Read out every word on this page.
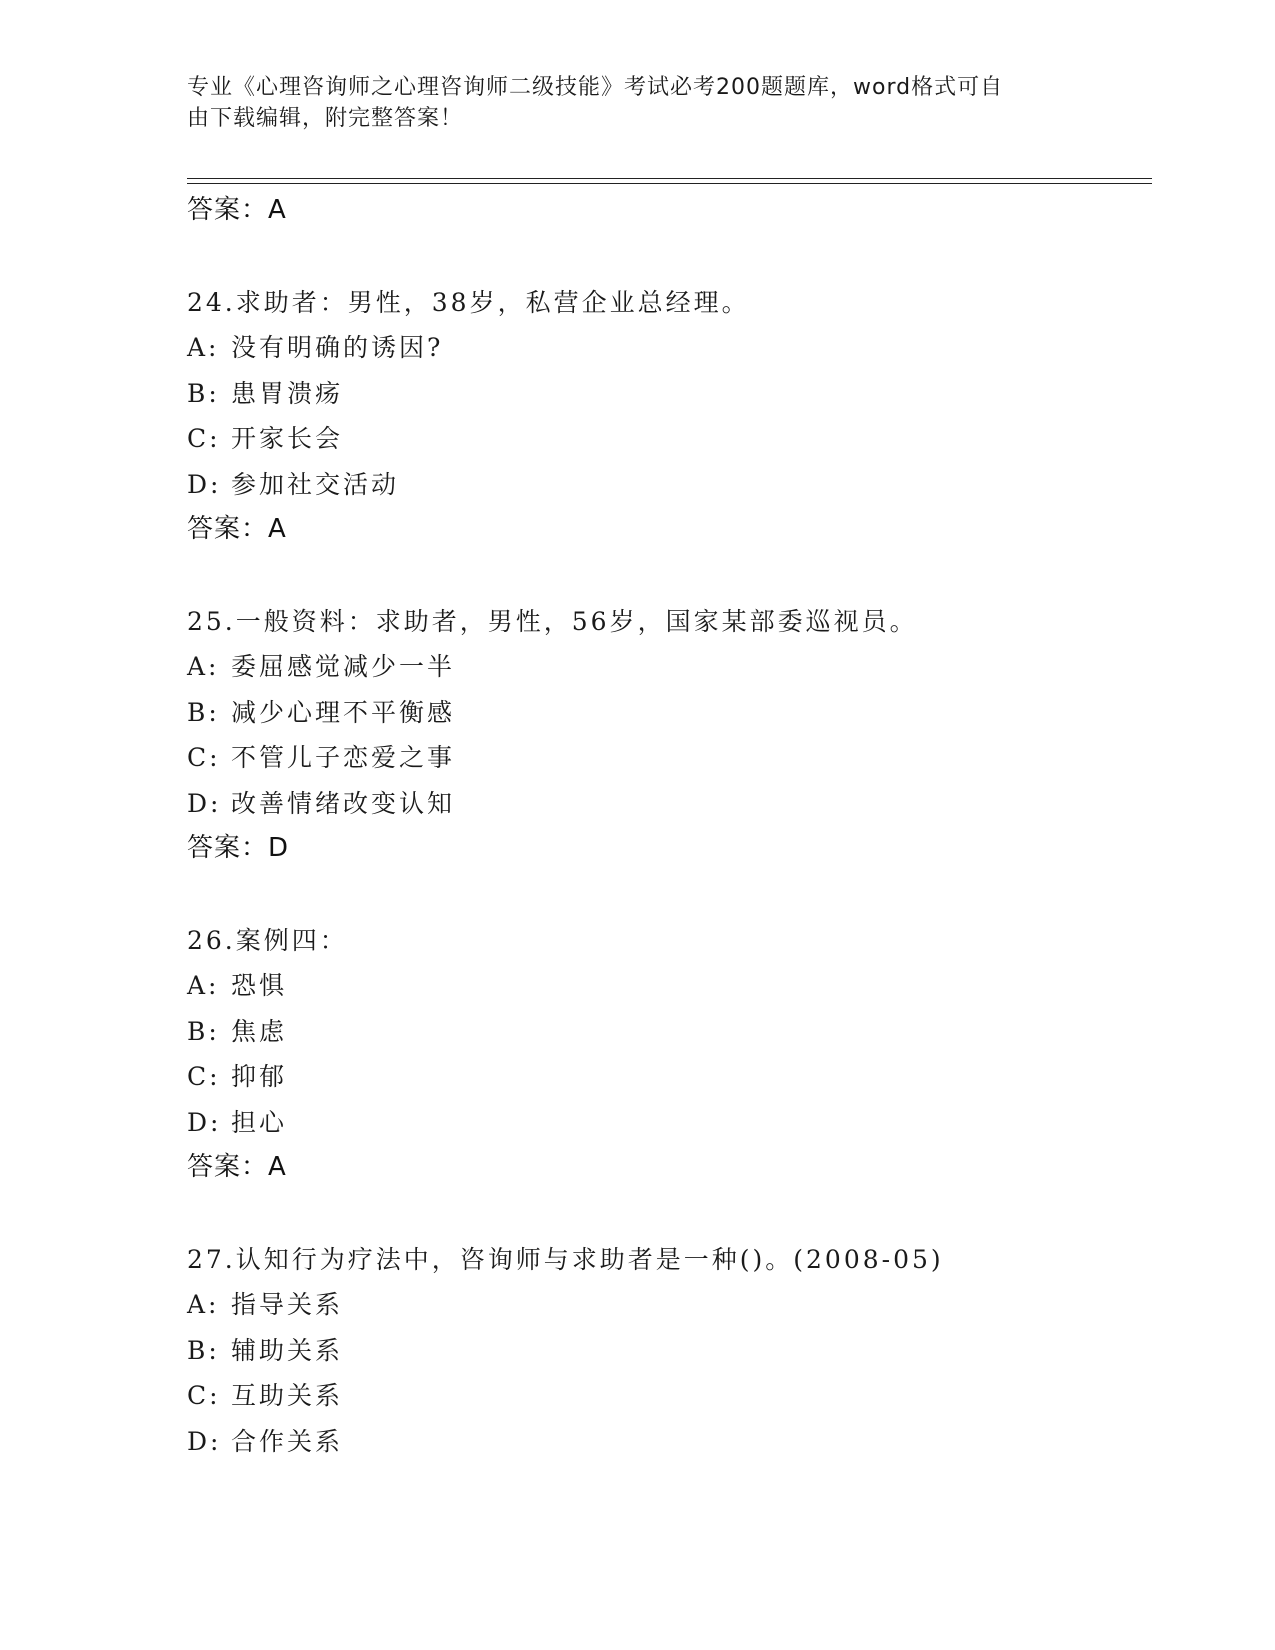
专业《心理咨询师之心理咨询师二级技能》考试必考200题题库，word格式可自
由下载编辑，附完整答案！
答案：A
24.求助者：男性，38岁，私营企业总经理。
A: 没有明确的诱因?
B: 患胃溃疡
C: 开家长会
D: 参加社交活动
答案：A
25.一般资料：求助者，男性，56岁，国家某部委巡视员。
A: 委屈感觉减少一半
B: 减少心理不平衡感
C: 不管儿子恋爱之事
D: 改善情绪改变认知
答案：D
26.案例四：
A: 恐惧
B: 焦虑
C: 抑郁
D: 担心
答案：A
27.认知行为疗法中，咨询师与求助者是一种()。(2008-05)
A: 指导关系
B: 辅助关系
C: 互助关系
D: 合作关系
